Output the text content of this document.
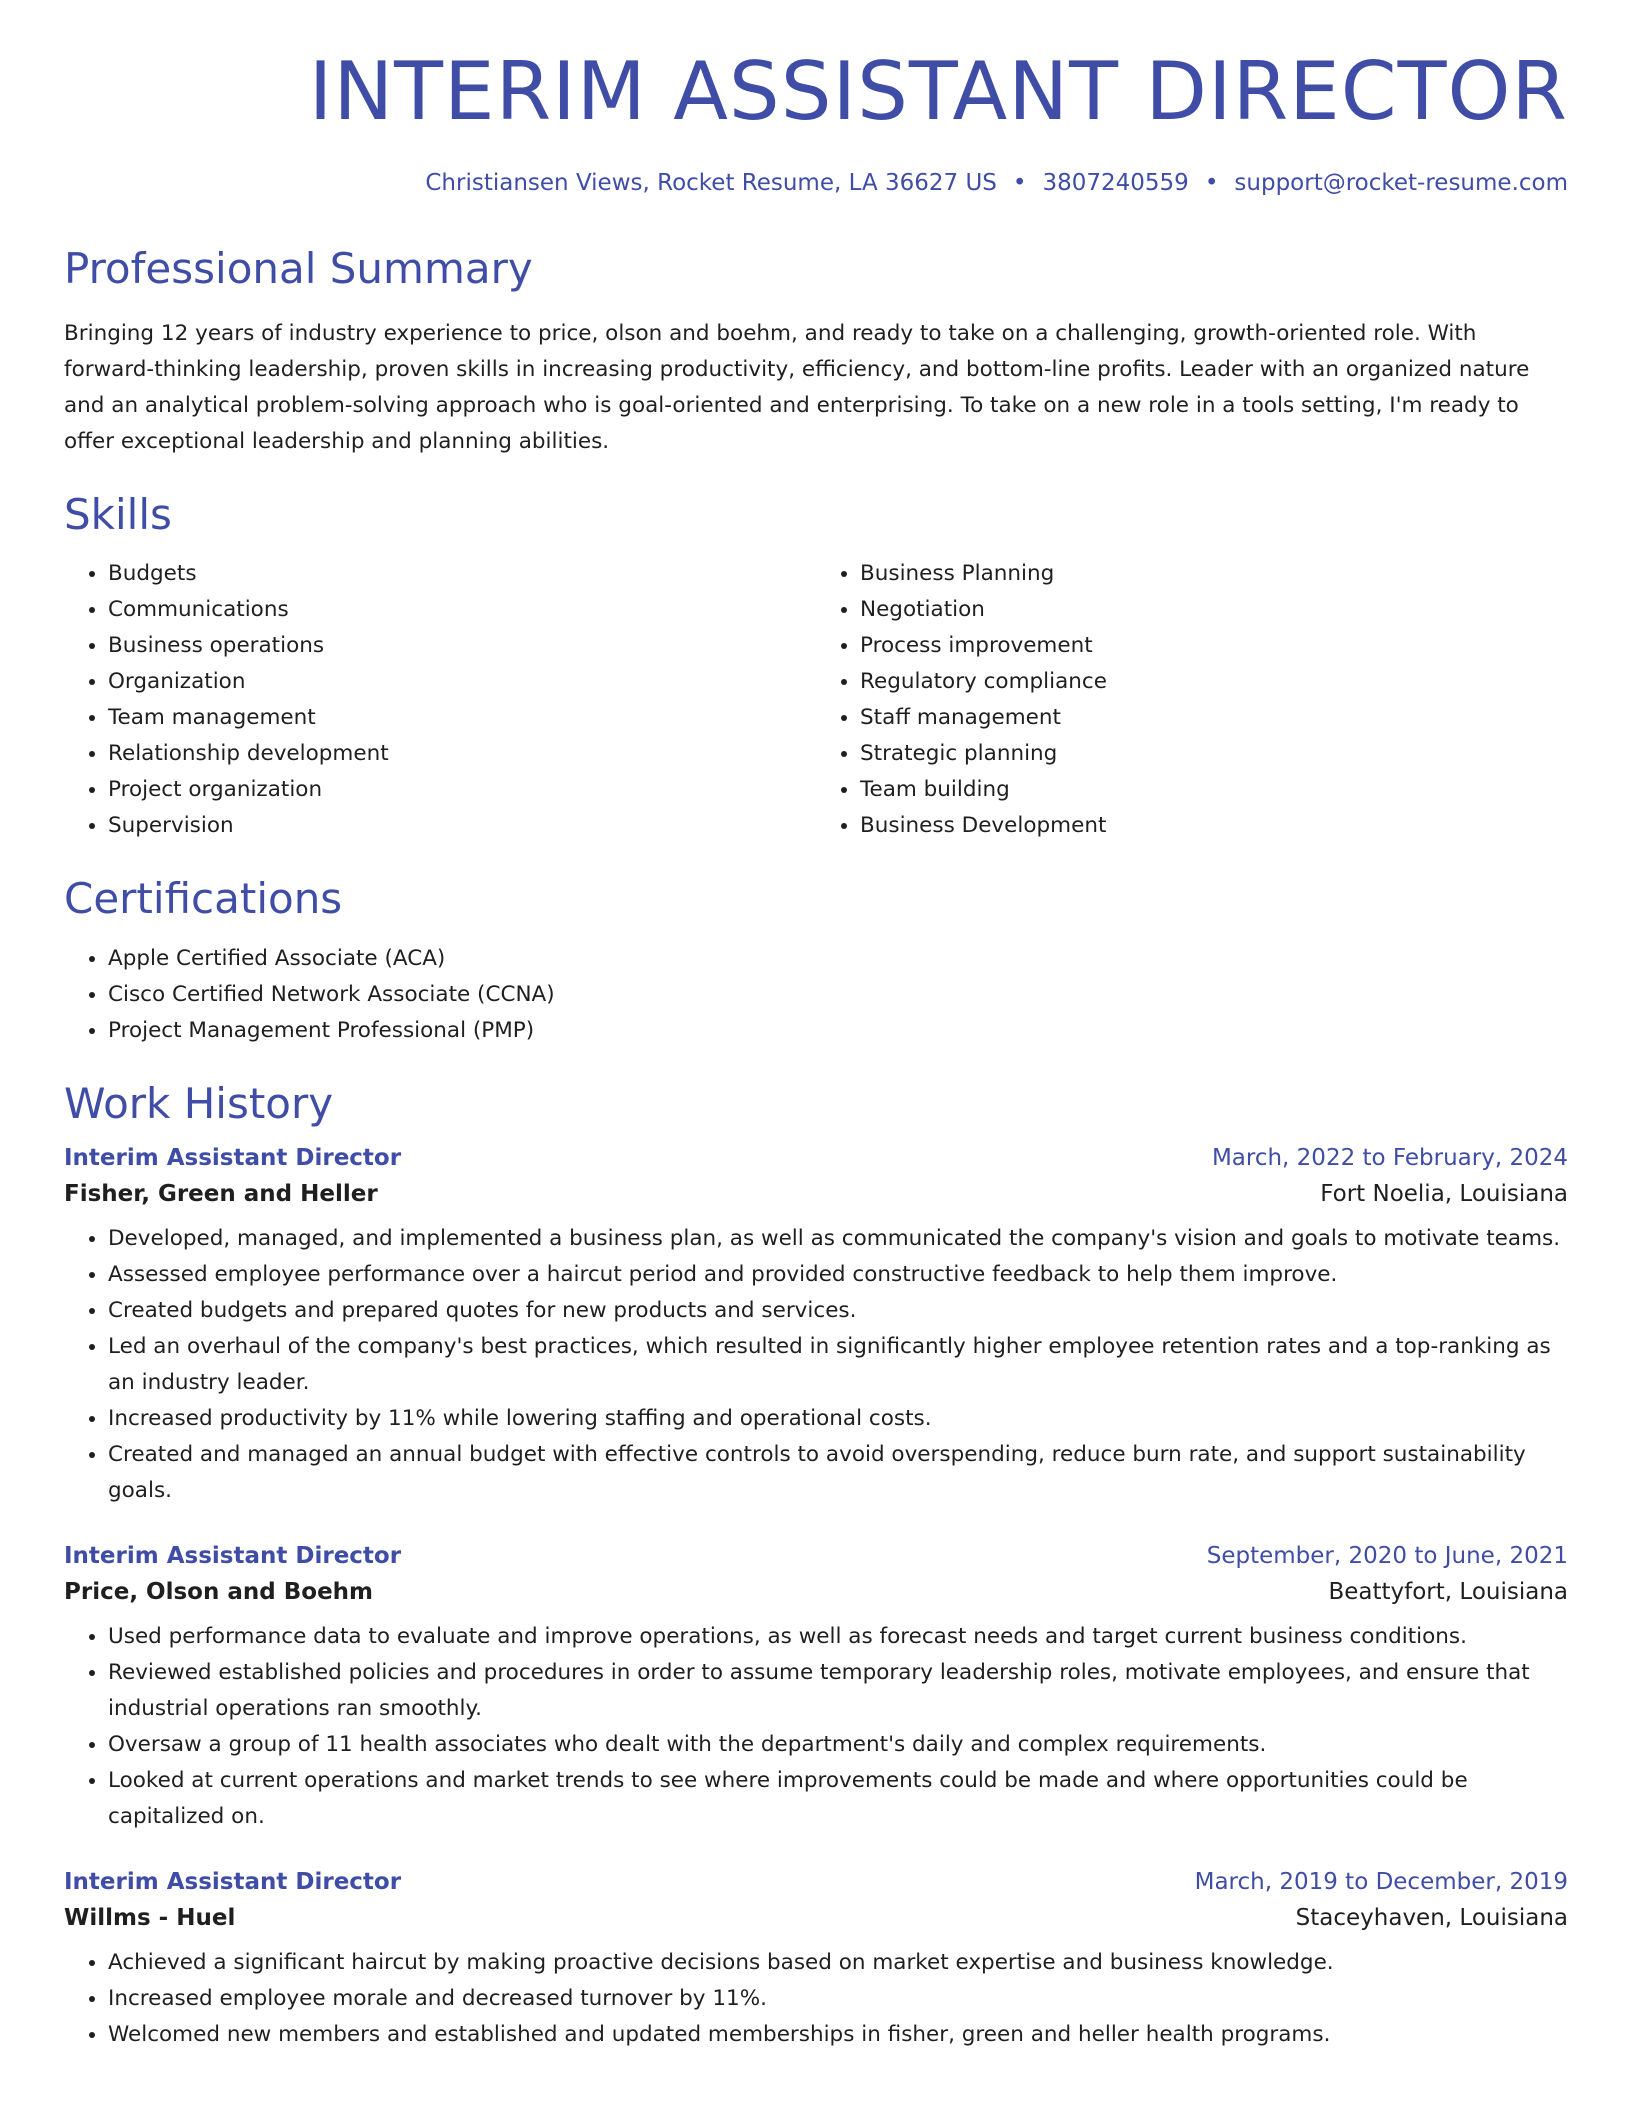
INTERIM ASSISTANT DIRECTOR
Christiansen Views, Rocket Resume, LA 36627 US • 3807240559 • support@rocket-resume.com
Professional Summary

Bringing 12 years of industry experience to price, olson and boehm, and ready to take on a challenging, growth-oriented role. With forward-thinking leadership, proven skills in increasing productivity, efficiency, and bottom-line profits. Leader with an organized nature and an analytical problem-solving approach who is goal-oriented and enterprising. To take on a new role in a tools setting, I'm ready to offer exceptional leadership and planning abilities.

Skills
• Budgets
• Communications
• Business operations
• Organization
• Team management
• Relationship development
• Project organization
• Supervision
• Business Planning
• Negotiation
• Process improvement
• Regulatory compliance
• Staff management
• Strategic planning
• Team building
• Business Development
Certifications
• Apple Certified Associate (ACA)
• Cisco Certified Network Associate (CCNA)
• Project Management Professional (PMP)
Work History
Interim Assistant Director	March, 2022 to February, 2024
Fisher, Green and Heller	Fort Noelia, Louisiana
• Developed, managed, and implemented a business plan, as well as communicated the company's vision and goals to motivate teams.
• Assessed employee performance over a haircut period and provided constructive feedback to help them improve.
• Created budgets and prepared quotes for new products and services.
• Led an overhaul of the company's best practices, which resulted in significantly higher employee retention rates and a top-ranking as an industry leader.
• Increased productivity by 11% while lowering staffing and operational costs.
• Created and managed an annual budget with effective controls to avoid overspending, reduce burn rate, and support sustainability goals.
Interim Assistant Director	September, 2020 to June, 2021
Price, Olson and Boehm	Beattyfort, Louisiana
• Used performance data to evaluate and improve operations, as well as forecast needs and target current business conditions.
• Reviewed established policies and procedures in order to assume temporary leadership roles, motivate employees, and ensure that industrial operations ran smoothly.
• Oversaw a group of 11 health associates who dealt with the department's daily and complex requirements.
• Looked at current operations and market trends to see where improvements could be made and where opportunities could be capitalized on.
Interim Assistant Director	March, 2019 to December, 2019
Willms - Huel	Staceyhaven, Louisiana
• Achieved a significant haircut by making proactive decisions based on market expertise and business knowledge.
• Increased employee morale and decreased turnover by 11%.
• Welcomed new members and established and updated memberships in fisher, green and heller health programs.
